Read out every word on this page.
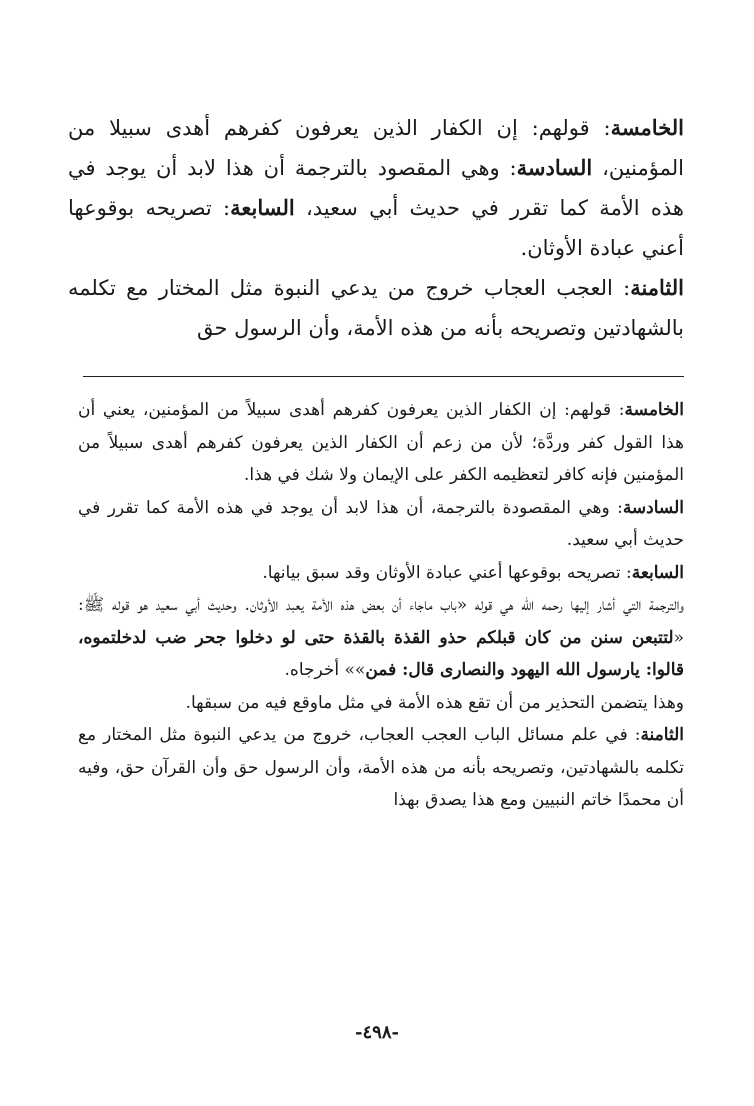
الخامسة: قولهم: إن الكفار الذين يعرفون كفرهم أهدى سبيلا من المؤمنين، السادسة: وهي المقصود بالترجمة أن هذا لابد أن يوجد في هذه الأمة كما تقرر في حديث أبي سعيد، السابعة: تصريحه بوقوعها أعني عبادة الأوثان.

الثامنة: العجب العجاب خروج من يدعي النبوة مثل المختار مع تكلمه بالشهادتين وتصريحه بأنه من هذه الأمة، وأن الرسول حق

الخامسة: قولهم: إن الكفار الذين يعرفون كفرهم أهدى سبيلاً من المؤمنين، يعني أن هذا القول كفر وردَّة؛ لأن من زعم أن الكفار الذين يعرفون كفرهم أهدى سبيلاً من المؤمنين فإنه كافر لتعظيمه الكفر على الإيمان ولا شك في هذا.

السادسة: وهي المقصودة بالترجمة، أن هذا لابد أن يوجد في هذه الأمة كما تقرر في حديث أبي سعيد.

السابعة: تصريحه بوقوعها أعني عبادة الأوثان وقد سبق بيانها.

والترجمة التي أشار إليها رحمه الله هي قوله «باب ماجاء أن بعض هذه الأمة يعبد الأوثان. وحديث أبي سعيد هو قوله ﷺ: «لتتبعن سنن من كان قبلكم حذو القذة بالقذة حتى لو دخلوا جحر ضب لدخلتموه، قالوا: يارسول الله اليهود والنصارى قال: فمن»» أخرجاه.

وهذا يتضمن التحذير من أن تقع هذه الأمة في مثل ماوقع فيه من سبقها.

الثامنة: في علم مسائل الباب العجب العجاب، خروج من يدعي النبوة مثل المختار مع تكلمه بالشهادتين، وتصريحه بأنه من هذه الأمة، وأن الرسول حق وأن القرآن حق، وفيه أن محمدًا خاتم النبيين ومع هذا يصدق بهذا

-٤٩٨-
